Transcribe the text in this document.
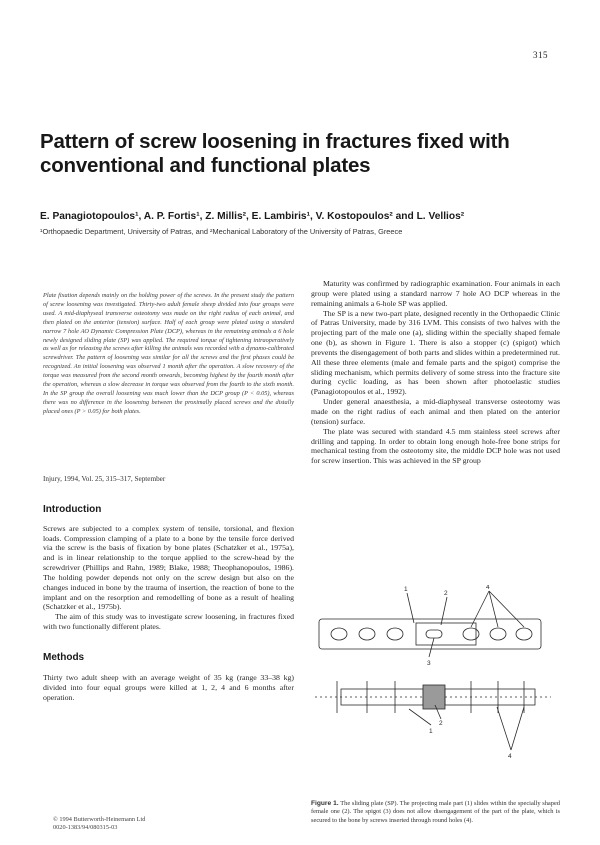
315
Pattern of screw loosening in fractures fixed with conventional and functional plates
E. Panagiotopoulos¹, A. P. Fortis¹, Z. Millis², E. Lambiris¹, V. Kostopoulos² and L. Vellios²
¹Orthopaedic Department, University of Patras, and ²Mechanical Laboratory of the University of Patras, Greece

Plate fixation depends mainly on the holding power of the screws. In the present study the pattern of screw loosening was investigated. Thirty-two adult female sheep divided into four groups were used. A mid-diaphyseal transverse osteotomy was made on the right radius of each animal, and then plated on the anterior (tension) surface. Half of each group were plated using a standard narrow 7 hole AO Dynamic Compression Plate (DCP), whereas in the remaining animals a 6 hole newly designed sliding plate (SP) was applied. The required torque of tightening intraoperatively as well as for releasing the screws after killing the animals was recorded with a dynamo-calibrated screwdriver. The pattern of loosening was similar for all the screws and the first phases could be recognized. An initial loosening was observed 1 month after the operation. A slow recovery of the torque was measured from the second month onwards, becoming highest by the fourth month after the operation, whereas a slow decrease in torque was observed from the fourth to the sixth month. In the SP group the overall loosening was much lower than the DCP group (P < 0.05), whereas there was no difference in the loosening between the proximally placed screws and the distally placed ones (P > 0.05) for both plates.

Injury, 1994, Vol. 25, 315–317, September

Introduction

Screws are subjected to a complex system of tensile, torsional, and flexion loads. Compression clamping of a plate to a bone by the tensile force derived via the screw is the basis of fixation by bone plates (Schatzker et al., 1975a), and is in linear relationship to the torque applied to the screw-head by the screwdriver (Phillips and Rahn, 1989; Blake, 1988; Theophanopoulos, 1986). The holding powder depends not only on the screw design but also on the changes induced in bone by the trauma of insertion, the reaction of bone to the implant and on the resorption and remodelling of bone as a result of healing (Schatzker et al., 1975b).

The aim of this study was to investigate screw loosening, in fractures fixed with two functionally different plates.

Methods

Thirty two adult sheep with an average weight of 35 kg (range 33–38 kg) divided into four equal groups were killed at 1, 2, 4 and 6 months after operation.

© 1994 Butterworth-Heinemann Ltd
0020-1383/94/080315-03

Maturity was confirmed by radiographic examination. Four animals in each group were plated using a standard narrow 7 hole AO DCP whereas in the remaining animals a 6-hole SP was applied.

The SP is a new two-part plate, designed recently in the Orthopaedic Clinic of Patras University, made by 316 LVM. This consists of two halves with the projecting part of the male one (a), sliding within the specially shaped female one (b), as shown in Figure 1. There is also a stopper (c) (spigot) which prevents the disengagement of both parts and slides within a predetermined rut. All these three elements (male and female parts and the spigot) comprise the sliding mechanism, which permits delivery of some stress into the fracture site during cyclic loading, as has been shown after photoelastic studies (Panagiotopoulos et al., 1992).

Under general anaesthesia, a mid-diaphyseal transverse osteotomy was made on the right radius of each animal and then plated on the anterior (tension) surface.

The plate was secured with standard 4.5 mm stainless steel screws after drilling and tapping. In order to obtain long enough hole-free bone strips for mechanical testing from the osteotomy site, the middle DCP hole was not used for screw insertion. This was achieved in the SP group

1
2
4
3
1
2
4

Figure 1. The sliding plate (SP). The projecting male part (1) slides within the specially shaped female one (2). The spigot (3) does not allow disengagement of the part of the plate, which is secured to the bone by screws inserted through round holes (4).
